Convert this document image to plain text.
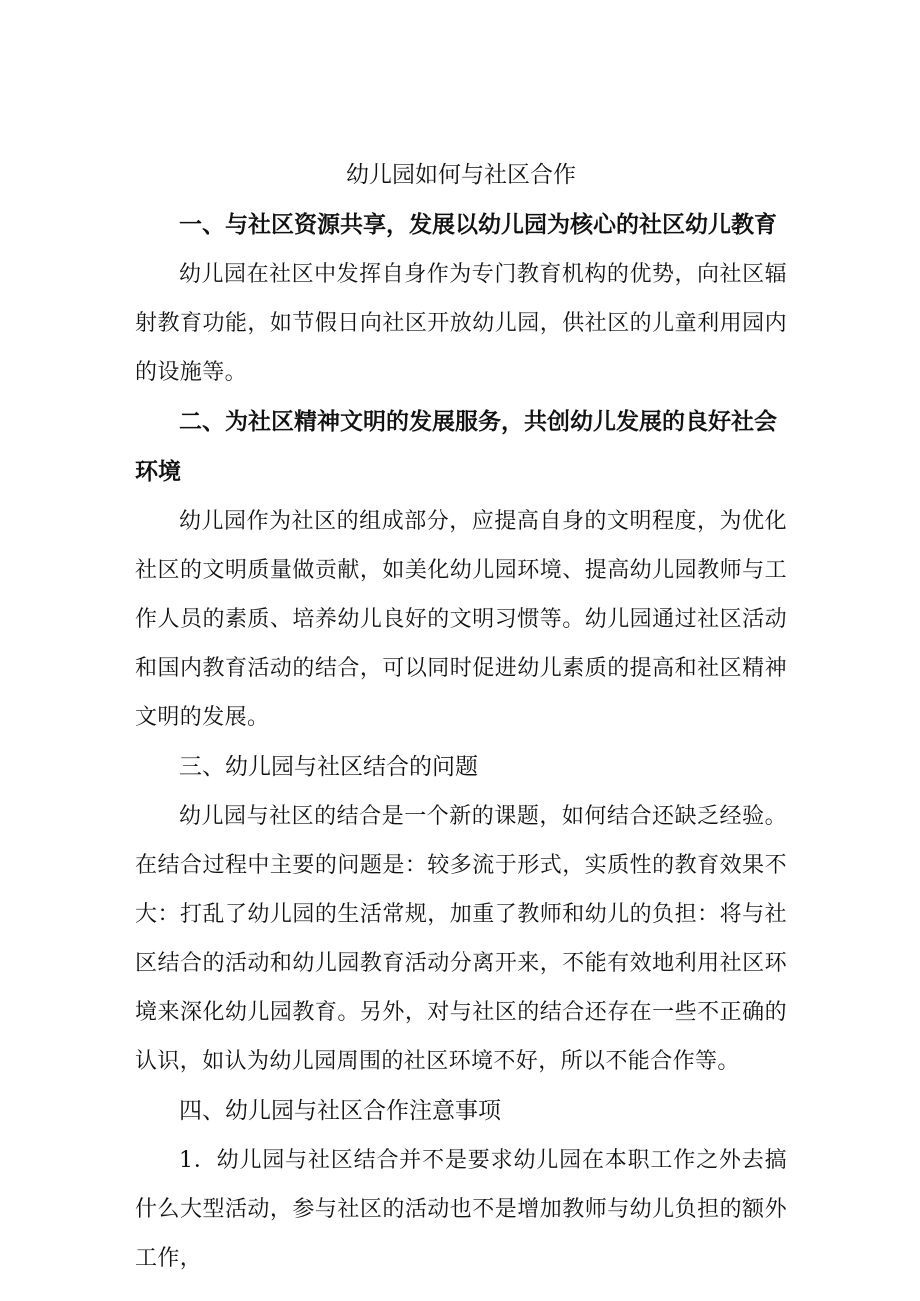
幼儿园如何与社区合作
一、与社区资源共享，发展以幼儿园为核心的社区幼儿教育

幼儿园在社区中发挥自身作为专门教育机构的优势，向社区辐射教育功能，如节假日向社区开放幼儿园，供社区的儿童利用园内的设施等。

二、为社区精神文明的发展服务，共创幼儿发展的良好社会环境

幼儿园作为社区的组成部分，应提高自身的文明程度，为优化社区的文明质量做贡献，如美化幼儿园环境、提高幼儿园教师与工作人员的素质、培养幼儿良好的文明习惯等。幼儿园通过社区活动和国内教育活动的结合，可以同时促进幼儿素质的提高和社区精神文明的发展。

三、幼儿园与社区结合的问题

幼儿园与社区的结合是一个新的课题，如何结合还缺乏经验。在结合过程中主要的问题是：较多流于形式，实质性的教育效果不大：打乱了幼儿园的生活常规，加重了教师和幼儿的负担：将与社区结合的活动和幼儿园教育活动分离开来，不能有效地利用社区环境来深化幼儿园教育。另外，对与社区的结合还存在一些不正确的认识，如认为幼儿园周围的社区环境不好，所以不能合作等。

四、幼儿园与社区合作注意事项

1．幼儿园与社区结合并不是要求幼儿园在本职工作之外去搞什么大型活动，参与社区的活动也不是增加教师与幼儿负担的额外工作，
